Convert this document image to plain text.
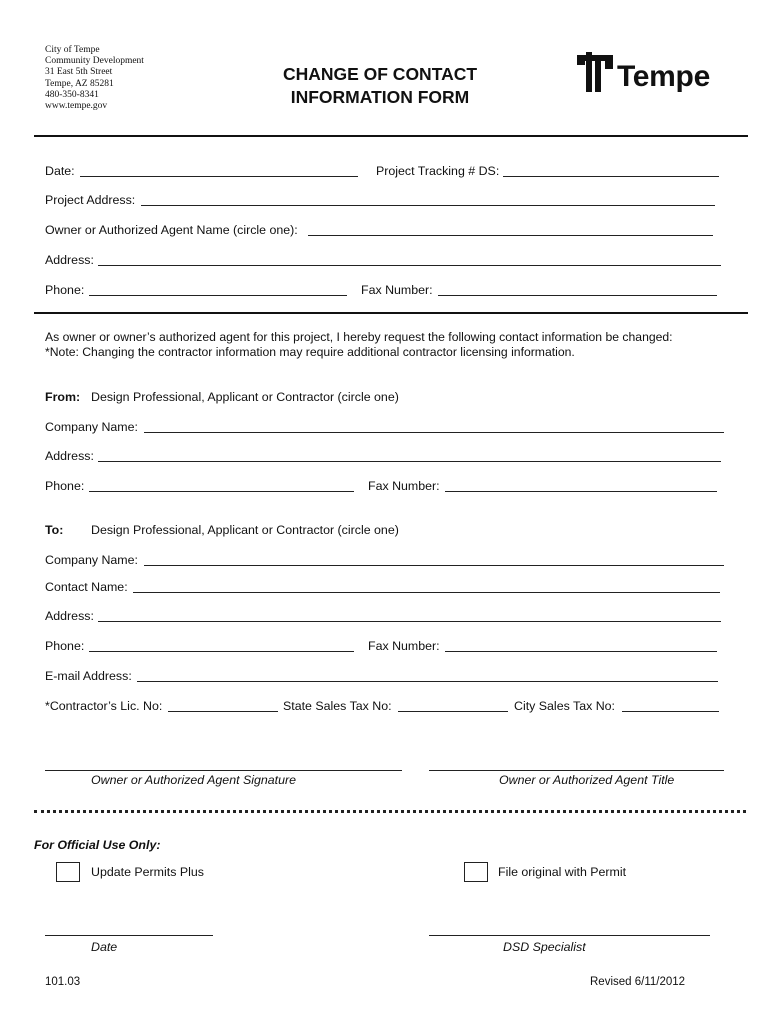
City of Tempe
Community Development
31 East 5th Street
Tempe, AZ 85281
480-350-8341
www.tempe.gov
CHANGE OF CONTACT
INFORMATION FORM
Tempe
Date:	Project Tracking # DS:
Project Address:
Owner or Authorized Agent Name (circle one):
Address:
Phone:	Fax Number:
As owner or owner’s authorized agent for this project, I hereby request the following contact information be changed:
*Note: Changing the contractor information may require additional contractor licensing information.
From: Design Professional, Applicant or Contractor (circle one)
Company Name:
Address:
Phone:	Fax Number:
To: Design Professional, Applicant or Contractor (circle one)
Company Name:
Contact Name:
Address:
Phone:	Fax Number:
E-mail Address:
*Contractor’s Lic. No:	State Sales Tax No:	City Sales Tax No:
Owner or Authorized Agent Signature	Owner or Authorized Agent Title
For Official Use Only:
Update Permits Plus	File original with Permit
Date	DSD Specialist
101.03	Revised 6/11/2012
